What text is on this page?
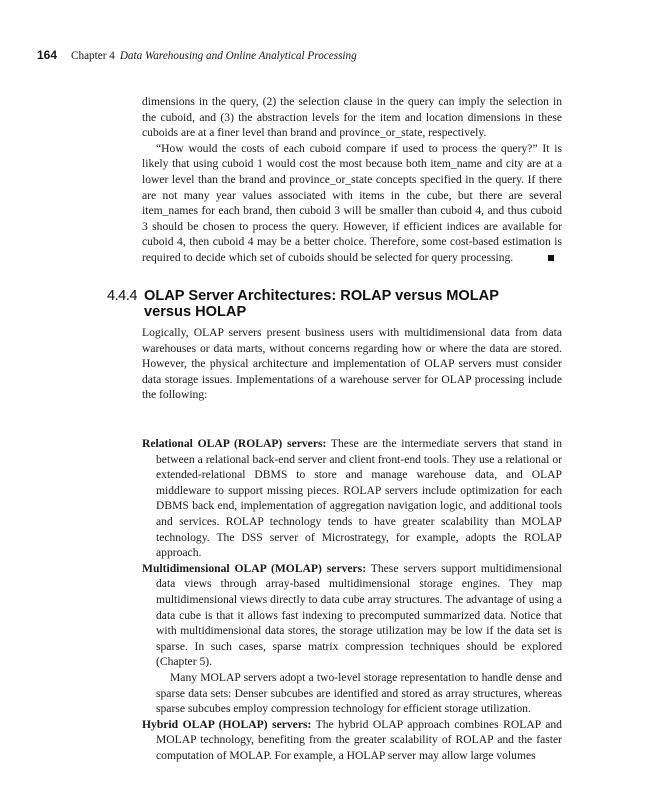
164 Chapter 4 Data Warehousing and Online Analytical Processing

dimensions in the query, (2) the selection clause in the query can imply the selection in the cuboid, and (3) the abstraction levels for the item and location dimensions in these cuboids are at a finer level than brand and province_or_state, respectively.

“How would the costs of each cuboid compare if used to process the query?” It is likely that using cuboid 1 would cost the most because both item_name and city are at a lower level than the brand and province_or_state concepts specified in the query. If there are not many year values associated with items in the cube, but there are several item_names for each brand, then cuboid 3 will be smaller than cuboid 4, and thus cuboid 3 should be chosen to process the query. However, if efficient indices are available for cuboid 4, then cuboid 4 may be a better choice. Therefore, some cost-based estimation is required to decide which set of cuboids should be selected for query processing.

4.4.4 OLAP Server Architectures: ROLAP versus MOLAP
versus HOLAP

Logically, OLAP servers present business users with multidimensional data from data warehouses or data marts, without concerns regarding how or where the data are stored. However, the physical architecture and implementation of OLAP servers must consider data storage issues. Implementations of a warehouse server for OLAP processing include the following:

Relational OLAP (ROLAP) servers: These are the intermediate servers that stand in between a relational back-end server and client front-end tools. They use a relational or extended-relational DBMS to store and manage warehouse data, and OLAP middleware to support missing pieces. ROLAP servers include optimization for each DBMS back end, implementation of aggregation navigation logic, and additional tools and services. ROLAP technology tends to have greater scalability than MOLAP technology. The DSS server of Microstrategy, for example, adopts the ROLAP approach.

Multidimensional OLAP (MOLAP) servers: These servers support multidimensional data views through array-based multidimensional storage engines. They map multidimensional views directly to data cube array structures. The advantage of using a data cube is that it allows fast indexing to precomputed summarized data. Notice that with multidimensional data stores, the storage utilization may be low if the data set is sparse. In such cases, sparse matrix compression techniques should be explored (Chapter 5).

Many MOLAP servers adopt a two-level storage representation to handle dense and sparse data sets: Denser subcubes are identified and stored as array structures, whereas sparse subcubes employ compression technology for efficient storage utilization.

Hybrid OLAP (HOLAP) servers: The hybrid OLAP approach combines ROLAP and MOLAP technology, benefiting from the greater scalability of ROLAP and the faster computation of MOLAP. For example, a HOLAP server may allow large volumes
